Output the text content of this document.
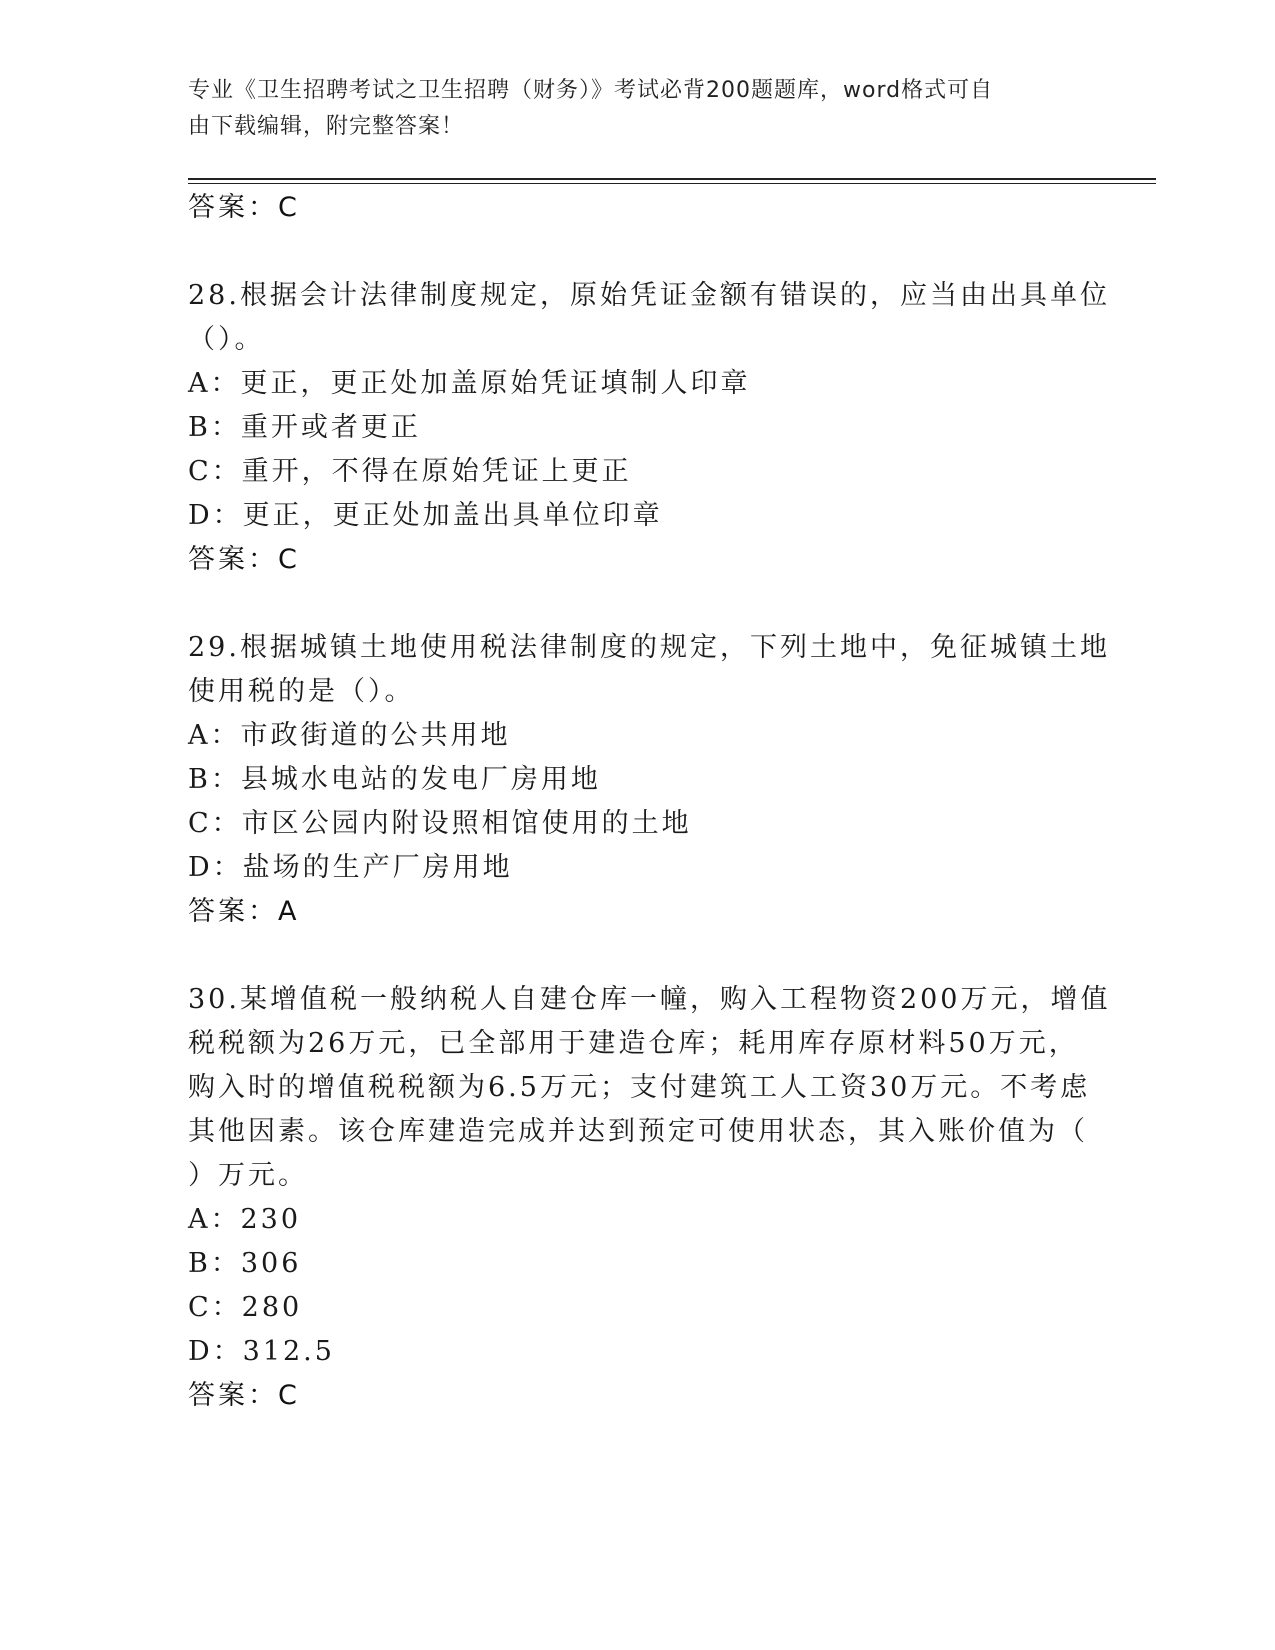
专业《卫生招聘考试之卫生招聘（财务）》考试必背200题题库，word格式可自
由下载编辑，附完整答案！
答案：C
28.根据会计法律制度规定，原始凭证金额有错误的，应当由出具单位
（）。
A：更正，更正处加盖原始凭证填制人印章
B：重开或者更正
C：重开，不得在原始凭证上更正
D：更正，更正处加盖出具单位印章
答案：C
29.根据城镇土地使用税法律制度的规定，下列土地中，免征城镇土地
使用税的是（）。
A：市政街道的公共用地
B：县城水电站的发电厂房用地
C：市区公园内附设照相馆使用的土地
D：盐场的生产厂房用地
答案：A
30.某增值税一般纳税人自建仓库一幢，购入工程物资200万元，增值
税税额为26万元，已全部用于建造仓库；耗用库存原材料50万元，
购入时的增值税税额为6.5万元；支付建筑工人工资30万元。不考虑
其他因素。该仓库建造完成并达到预定可使用状态，其入账价值为（
）万元。
A：230
B：306
C：280
D：312.5
答案：C
